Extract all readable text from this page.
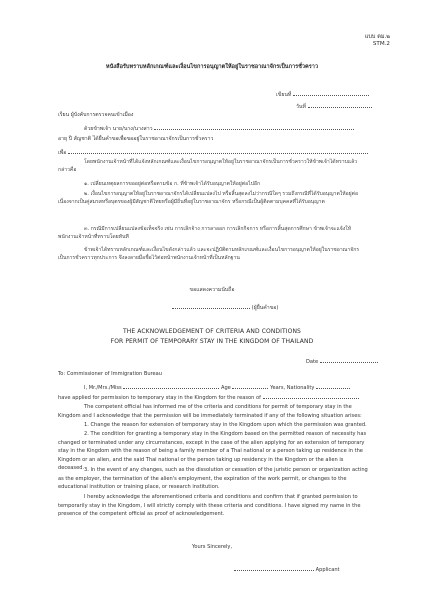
แบบ ตม.๒
STM.2
หนังสือรับทราบหลักเกณฑ์และเงื่อนไขการอนุญาตให้อยู่ในราชอาณาจักรเป็นการชั่วคราว
เขียนที่
วันที่
เรียน ผู้บังคับการตรวจคนเข้าเมือง
ด้วยข้าพเจ้า นาย/นาง/นางสาว
อายุ ปี สัญชาติ ได้ยื่นคำขอเพื่อขออยู่ในราชอาณาจักรเป็นการชั่วคราว
เพื่อ
โดยพนักงานเจ้าหน้าที่ได้แจ้งหลักเกณฑ์และเงื่อนไขการอนุญาตให้อยู่ในราชอาณาจักรเป็นการชั่วคราวให้ข้าพเจ้าได้ทราบแล้ว กล่าวคือ
๑. เปลี่ยนเหตุผลการขออยู่ต่อหรือตามข้อ ก. ที่ข้าพเจ้าได้รับอนุญาตให้อยู่ต่อไปอีก
๒. เงื่อนไขการอนุญาตให้อยู่ในราชอาณาจักรได้เปลี่ยนแปลงไป หรือสิ้นสุดลงไม่ว่ากรณีใดๆ รวมถึงกรณีที่ได้รับอนุญาตให้อยู่ต่อเนื่องจากเป็นคู่สมรสหรือบุตรของผู้มีสัญชาติไทยหรือผู้มีถิ่นที่อยู่ในราชอาณาจักร หรือกรณีเป็นผู้ติดตามบุคคลที่ได้รับอนุญาต
๓. กรณีมีการเปลี่ยนแปลงข้อเท็จจริง เช่น การเลิกจ้าง การลาออก การเลิกกิจการ หรือการสิ้นสุดการศึกษา ข้าพเจ้าจะแจ้งให้พนักงานเจ้าหน้าที่ทราบโดยทันที
ข้าพเจ้าได้ทราบหลักเกณฑ์และเงื่อนไขดังกล่าวแล้ว และจะปฏิบัติตามหลักเกณฑ์และเงื่อนไขการอนุญาตให้อยู่ในราชอาณาจักรเป็นการชั่วคราวทุกประการ จึงลงลายมือชื่อไว้ต่อหน้าพนักงานเจ้าหน้าที่เป็นหลักฐาน
ขอแสดงความนับถือ
(ผู้ยื่นคำขอ)
THE ACKNOWLEDGEMENT OF CRITERIA AND CONDITIONS
FOR PERMIT OF TEMPORARY STAY IN THE KINGDOM OF THAILAND
Date
To: Commissioner of Immigration Bureau
I, Mr./Mrs./Miss	Age	Years, Nationality
have applied for permission to temporary stay in the Kingdom for the reason of
The competent official has informed me of the criteria and conditions for permit of temporary stay in the Kingdom and I acknowledge that the permission will be immediately terminated if any of the following situation arises:
1. Change the reason for extension of temporary stay in the Kingdom upon which the permission was granted.
2. The condition for granting a temporary stay in the Kingdom based on the permitted reason of necessity has changed or terminated under any circumstances, except in the case of the alien applying for an extension of temporary stay in the Kingdom with the reason of being a family member of a Thai national or a person taking up residence in the Kingdom or an alien, and the said Thai national or the person taking up residency in the Kingdom or the alien is deceased. 3. In the event of any changes, such as the dissolution or cessation of the juristic person or organization acting as the employer, the termination of the alien's employment, the expiration of the work permit, or changes to the educational institution or training place, or research institution.
I hereby acknowledge the aforementioned criteria and conditions and confirm that if granted permission to temporarily stay in the Kingdom, I will strictly comply with these criteria and conditions. I have signed my name in the presence of the competent official as proof of acknowledgement.
Yours Sincerely,
Applicant
